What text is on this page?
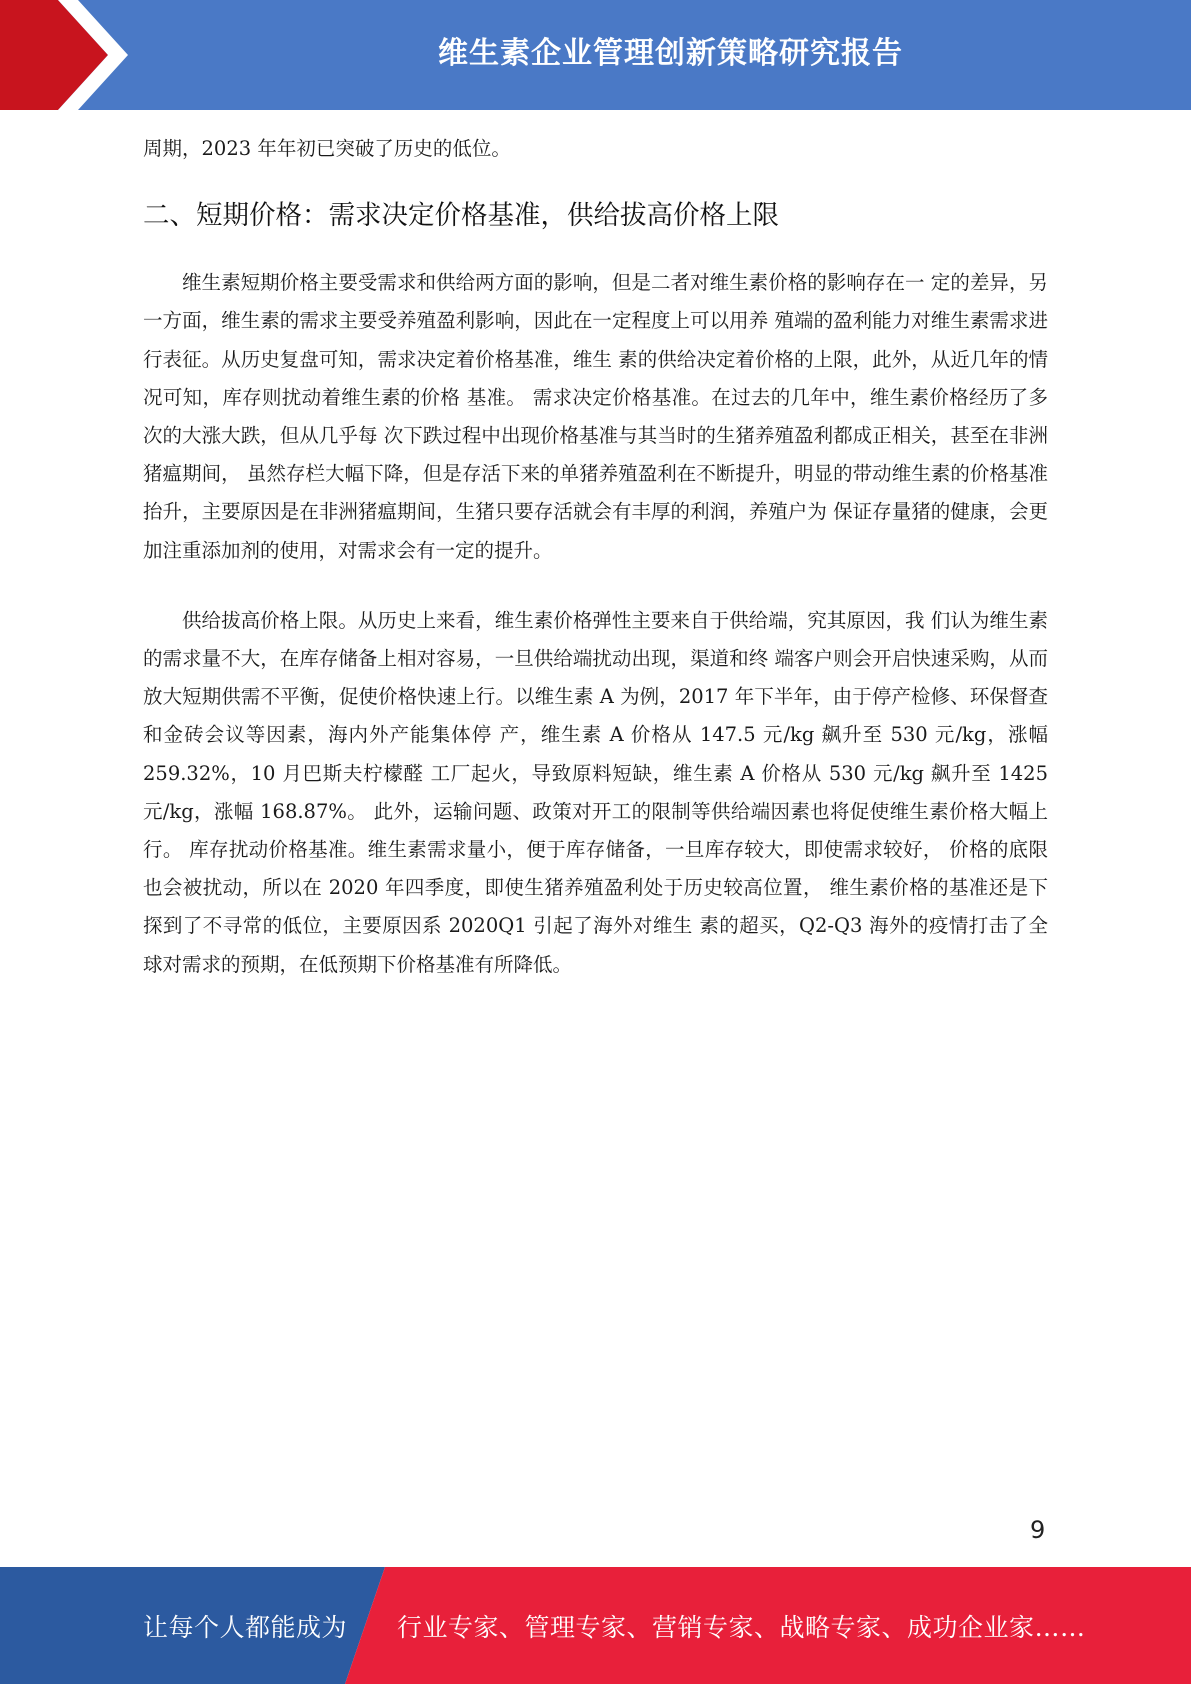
维生素企业管理创新策略研究报告

周期，2023 年年初已突破了历史的低位。

二、短期价格：需求决定价格基准，供给拔高价格上限

维生素短期价格主要受需求和供给两方面的影响，但是二者对维生素价格的影响存在一 定的差异，另一方面，维生素的需求主要受养殖盈利影响，因此在一定程度上可以用养 殖端的盈利能力对维生素需求进行表征。从历史复盘可知，需求决定着价格基准，维生 素的供给决定着价格的上限，此外，从近几年的情况可知，库存则扰动着维生素的价格 基准。 需求决定价格基准。在过去的几年中，维生素价格经历了多次的大涨大跌，但从几乎每 次下跌过程中出现价格基准与其当时的生猪养殖盈利都成正相关，甚至在非洲猪瘟期间， 虽然存栏大幅下降，但是存活下来的单猪养殖盈利在不断提升，明显的带动维生素的价格基准抬升，主要原因是在非洲猪瘟期间，生猪只要存活就会有丰厚的利润，养殖户为 保证存量猪的健康，会更加注重添加剂的使用，对需求会有一定的提升。

供给拔高价格上限。从历史上来看，维生素价格弹性主要来自于供给端，究其原因，我 们认为维生素的需求量不大，在库存储备上相对容易，一旦供给端扰动出现，渠道和终 端客户则会开启快速采购，从而放大短期供需不平衡，促使价格快速上行。以维生素 A 为例，2017 年下半年，由于停产检修、环保督查和金砖会议等因素，海内外产能集体停 产，维生素 A 价格从 147.5 元/kg 飙升至 530 元/kg，涨幅 259.32%，10 月巴斯夫柠檬醛 工厂起火，导致原料短缺，维生素 A 价格从 530 元/kg 飙升至 1425 元/kg，涨幅 168.87%。 此外，运输问题、政策对开工的限制等供给端因素也将促使维生素价格大幅上行。 库存扰动价格基准。维生素需求量小，便于库存储备，一旦库存较大，即使需求较好， 价格的底限也会被扰动，所以在 2020 年四季度，即使生猪养殖盈利处于历史较高位置， 维生素价格的基准还是下探到了不寻常的低位，主要原因系 2020Q1 引起了海外对维生 素的超买，Q2-Q3 海外的疫情打击了全球对需求的预期，在低预期下价格基准有所降低。

9
让每个人都能成为 行业专家、管理专家、营销专家、战略专家、成功企业家……
